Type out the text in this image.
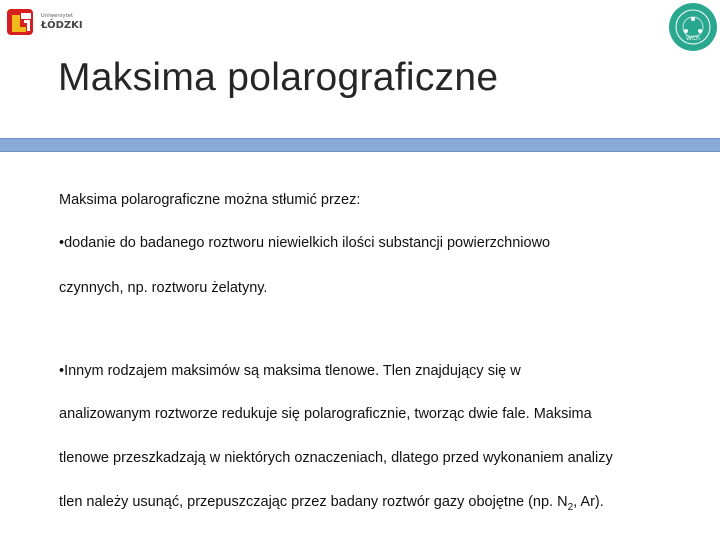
Uniwersytet
ŁÓDZKI
WCh
Maksima polarograficzne
Maksima polarograficzne można stłumić przez:
•dodanie do badanego roztworu niewielkich ilości substancji powierzchniowo
czynnych, np. roztworu żelatyny.
•Innym rodzajem maksimów są maksima tlenowe. Tlen znajdujący się w
analizowanym roztworze redukuje się polarograficznie, tworząc dwie fale. Maksima
tlenowe przeszkadzają w niektórych oznaczeniach, dlatego przed wykonaniem analizy
tlen należy usunąć, przepuszczając przez badany roztwór gazy obojętne (np. $N_2$, Ar).
